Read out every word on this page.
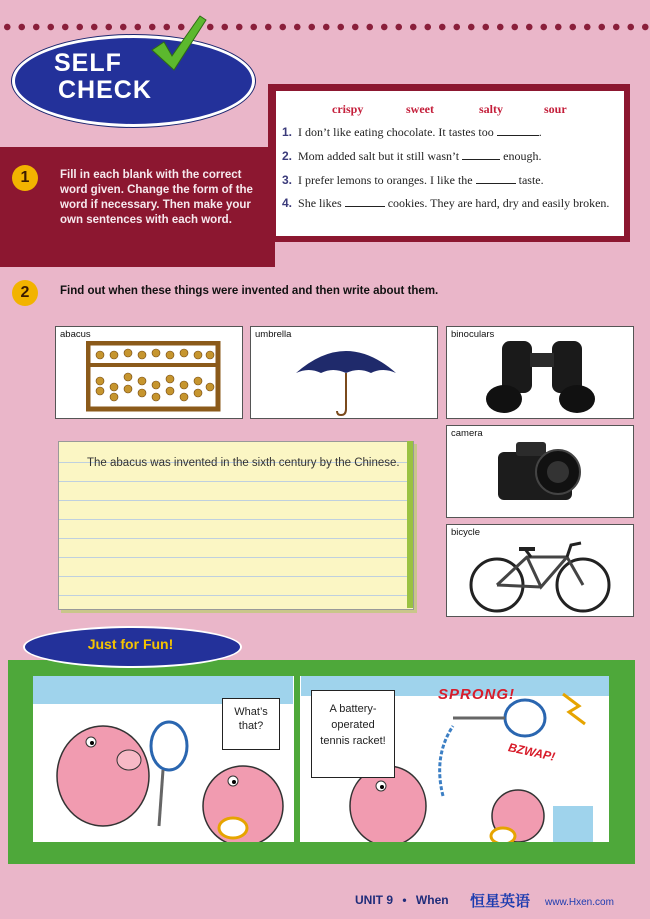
SELF
CHECK
1	Fill in each blank with the correct word given. Change the form of the word if necessary. Then make your own sentences with each word.
crispy	sweet	salty	sour
1. I don’t like eating chocolate. It tastes too	.
2. Mom added salt but it still wasn’t	enough.
3. I prefer lemons to oranges. I like the	taste.
4. She likes	cookies. They are hard, dry and easily broken.
2	Find out when these things were invented and then write about them.
abacus	umbrella	binoculars
camera
bicycle
The abacus was invented in the sixth century by the Chinese.
Just for Fun!
What’s that?
A battery-operated tennis racket!
SPRONG!
BZWAP!
UNIT 9 • When 恒星英语 www.Hxen.com
